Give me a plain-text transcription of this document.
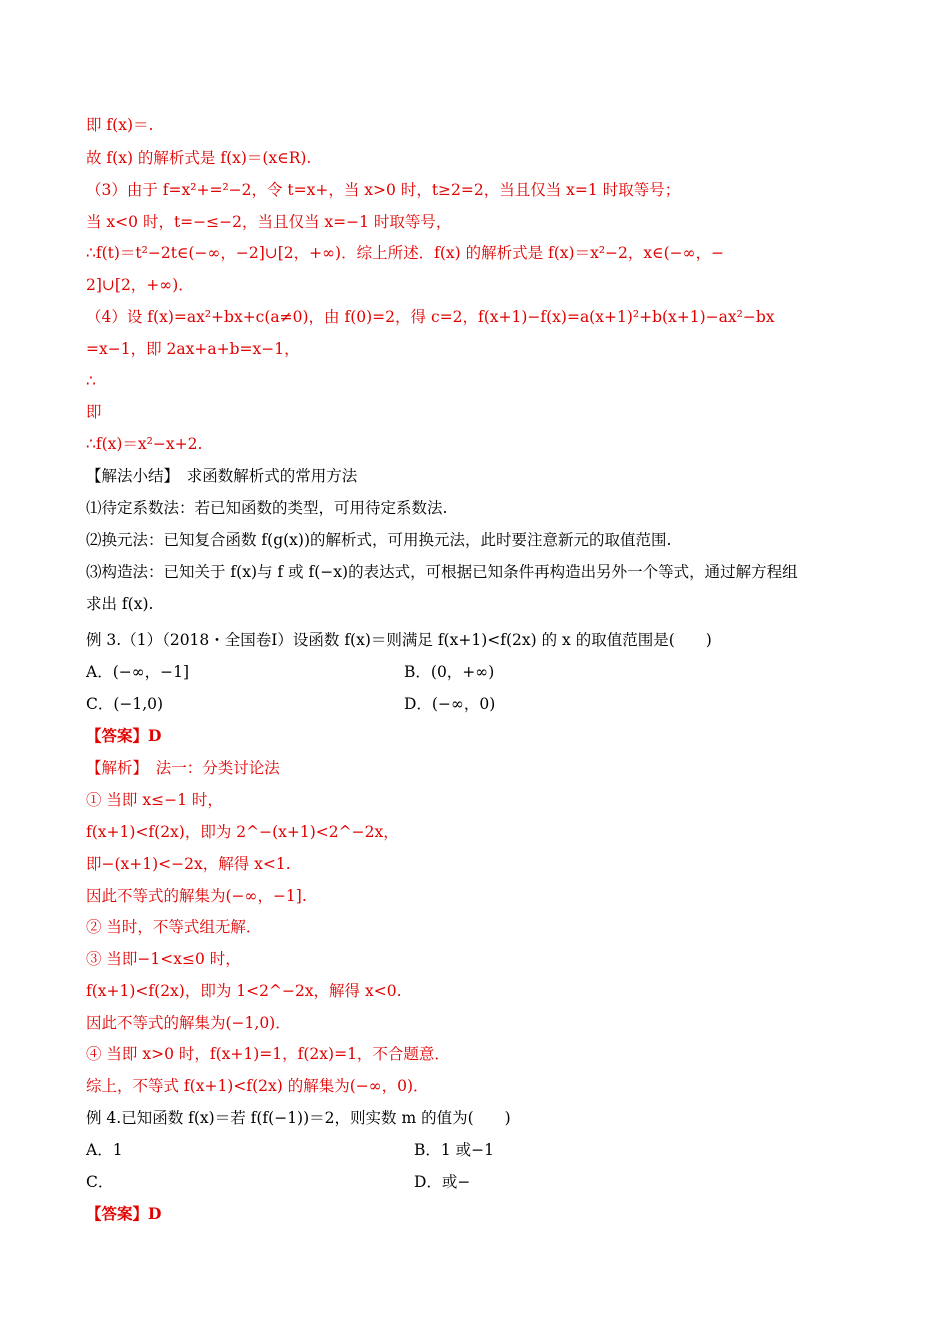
即 f(x)＝.
故 f(x) 的解析式是 f(x)＝(x∈R).
（3）由于 f=x²+=²−2，令 t=x+，当 x>0 时，t≥2=2，当且仅当 x=1 时取等号；
当 x<0 时，t=−≤−2，当且仅当 x=−1 时取等号，
∴f(t)＝t²−2t∈(−∞，−2]∪[2，+∞)．综上所述．f(x) 的解析式是 f(x)＝x²−2，x∈(−∞，−
2]∪[2，+∞)．
（4）设 f(x)=ax²+bx+c(a≠0)，由 f(0)=2，得 c=2，f(x+1)−f(x)=a(x+1)²+b(x+1)−ax²−bx
=x−1，即 2ax+a+b=x−1，
∴
即
∴f(x)＝x²−x+2.
【解法小结】　求函数解析式的常用方法
⑴待定系数法：若已知函数的类型，可用待定系数法.
⑵换元法：已知复合函数 f(g(x))的解析式，可用换元法，此时要注意新元的取值范围.
⑶构造法：已知关于 f(x)与 f 或 f(−x)的表达式，可根据已知条件再构造出另外一个等式，通过解方程组
求出 f(x).
例 3.（1）（2018・全国卷Ⅰ）设函数 f(x)＝则满足 f(x+1)<f(2x) 的 x 的取值范围是(　　)
A．(−∞，−1]	B．(0，+∞)
C．(−1,0)	D．(−∞，0)
【答案】D
【解析】　法一：分类讨论法
① 当即 x≤−1 时，
f(x+1)<f(2x)，即为 2^−(x+1)<2^−2x，
即−(x+1)<−2x，解得 x<1.
因此不等式的解集为(−∞，−1].
② 当时，不等式组无解．
③ 当即−1<x≤0 时，
f(x+1)<f(2x)，即为 1<2^−2x，解得 x<0.
因此不等式的解集为(−1,0)．
④ 当即 x>0 时，f(x+1)=1，f(2x)=1，不合题意．
综上，不等式 f(x+1)<f(2x) 的解集为(−∞，0)．
例 4.已知函数 f(x)＝若 f(f(−1))＝2，则实数 m 的值为(　　)
A．1	B．1 或−1
C．	D．或−
【答案】D
